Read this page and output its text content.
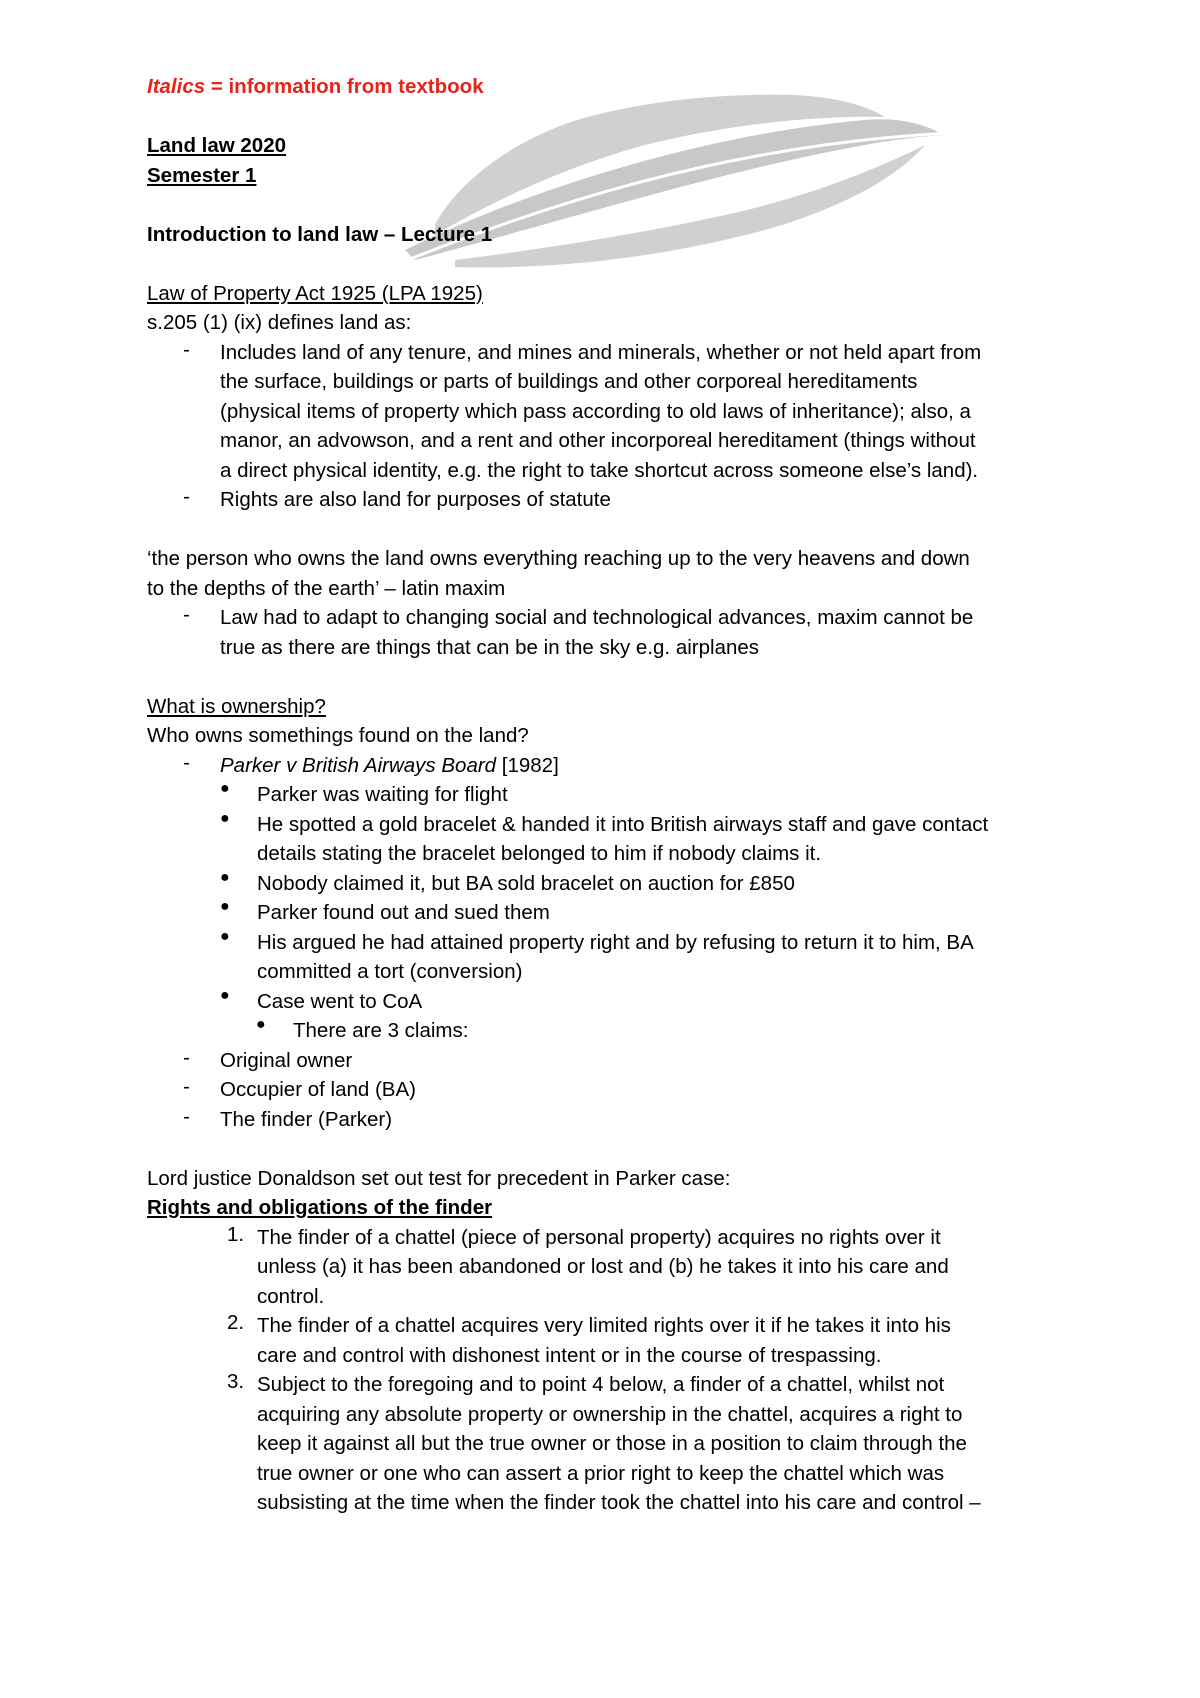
Italics = information from textbook
Land law 2020
Semester 1
Introduction to land law – Lecture 1
Law of Property Act 1925 (LPA 1925)
s.205 (1) (ix) defines land as:
- Includes land of any tenure, and mines and minerals, whether or not held apart from
the surface, buildings or parts of buildings and other corporeal hereditaments
(physical items of property which pass according to old laws of inheritance); also, a
manor, an advowson, and a rent and other incorporeal hereditament (things without
a direct physical identity, e.g. the right to take shortcut across someone else’s land).
- Rights are also land for purposes of statute
‘the person who owns the land owns everything reaching up to the very heavens and down
to the depths of the earth’ – latin maxim
- Law had to adapt to changing social and technological advances, maxim cannot be
true as there are things that can be in the sky e.g. airplanes
What is ownership?
Who owns somethings found on the land?
- Parker v British Airways Board [1982]
● Parker was waiting for flight
● He spotted a gold bracelet & handed it into British airways staff and gave contact
details stating the bracelet belonged to him if nobody claims it.
● Nobody claimed it, but BA sold bracelet on auction for £850
● Parker found out and sued them
● His argued he had attained property right and by refusing to return it to him, BA
committed a tort (conversion)
● Case went to CoA
● There are 3 claims:
- Original owner
- Occupier of land (BA)
- The finder (Parker)
Lord justice Donaldson set out test for precedent in Parker case:
Rights and obligations of the finder
1. The finder of a chattel (piece of personal property) acquires no rights over it
unless (a) it has been abandoned or lost and (b) he takes it into his care and
control.
2. The finder of a chattel acquires very limited rights over it if he takes it into his
care and control with dishonest intent or in the course of trespassing.
3. Subject to the foregoing and to point 4 below, a finder of a chattel, whilst not
acquiring any absolute property or ownership in the chattel, acquires a right to
keep it against all but the true owner or those in a position to claim through the
true owner or one who can assert a prior right to keep the chattel which was
subsisting at the time when the finder took the chattel into his care and control –
